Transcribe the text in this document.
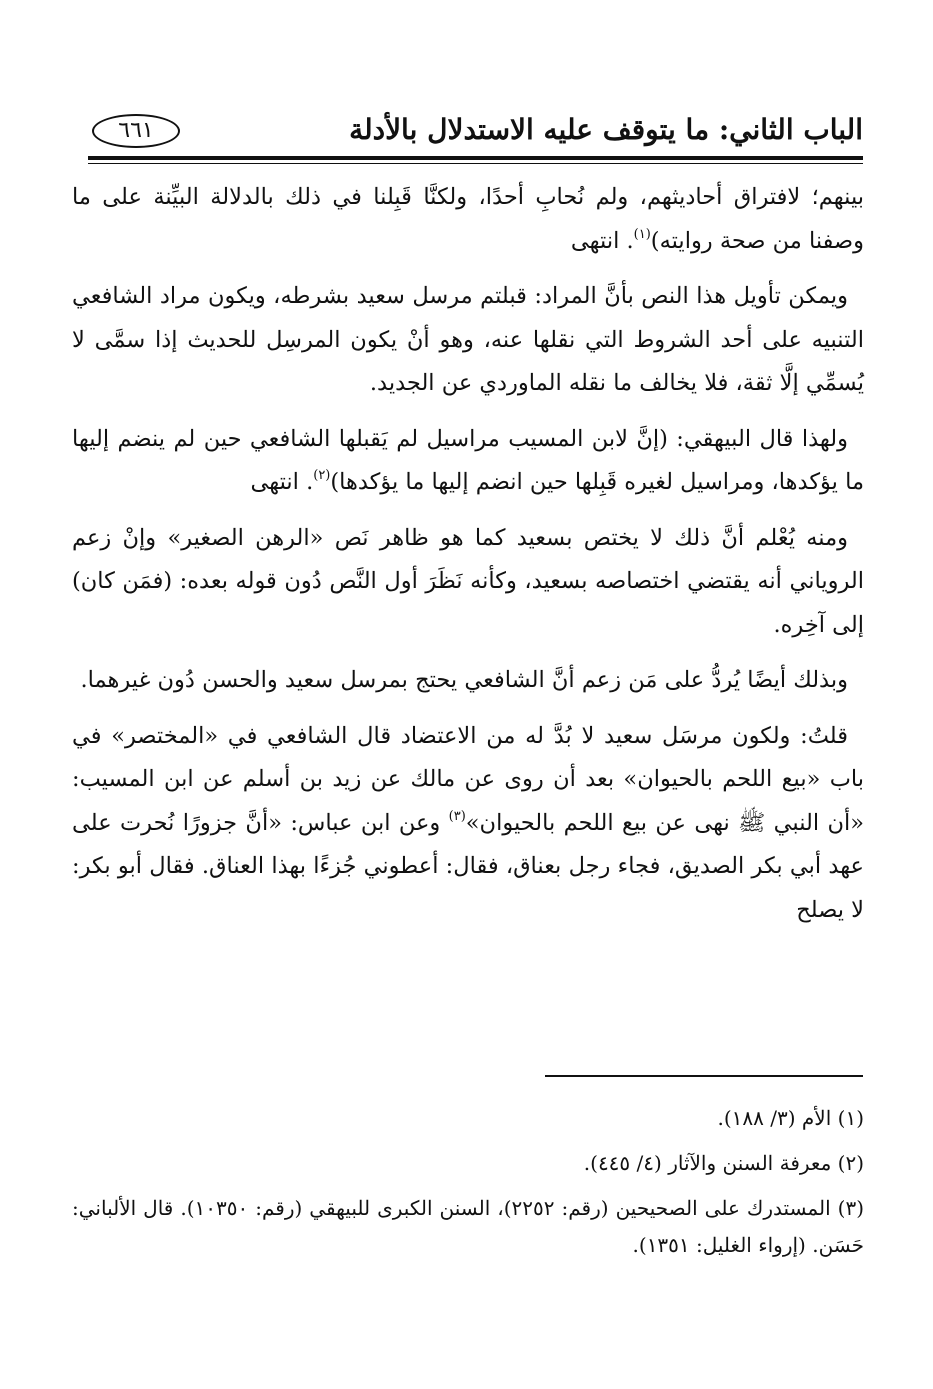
الباب الثاني: ما يتوقف عليه الاستدلال بالأدلة
٦٦١

بينهم؛ لافتراق أحاديثهم، ولم نُحابِ أحدًا، ولكنَّا قَبِلنا في ذلك بالدلالة البيِّنة على ما وصفنا من صحة روايته)$^{(١)}$. انتهى

ويمكن تأويل هذا النص بأنَّ المراد: قبلتم مرسل سعيد بشرطه، ويكون مراد الشافعي التنبيه على أحد الشروط التي نقلها عنه، وهو أنْ يكون المرسِل للحديث إذا سمَّى لا يُسمِّي إلَّا ثقة، فلا يخالف ما نقله الماوردي عن الجديد.

ولهذا قال البيهقي: (إنَّ لابن المسيب مراسيل لم يَقبلها الشافعي حين لم ينضم إليها ما يؤكدها، ومراسيل لغيره قَبِلها حين انضم إليها ما يؤكدها)$^{(٢)}$. انتهى

ومنه يُعْلم أنَّ ذلك لا يختص بسعيد كما هو ظاهر نَص «الرهن الصغير» وإنْ زعم الروياني أنه يقتضي اختصاصه بسعيد، وكأنه نَظَرَ أول النَّص دُون قوله بعده: (فمَن كان) إلى آخِره.

وبذلك أيضًا يُردُّ على مَن زعم أنَّ الشافعي يحتج بمرسل سعيد والحسن دُون غيرهما.

قلتُ: ولكون مرسَل سعيد لا بُدَّ له من الاعتضاد قال الشافعي في «المختصر» في باب «بيع اللحم بالحيوان» بعد أن روى عن مالك عن زيد بن أسلم عن ابن المسيب: «أن النبي ﷺ نهى عن بيع اللحم بالحيوان»$^{(٣)}$ وعن ابن عباس: «أنَّ جزورًا نُحرت على عهد أبي بكر الصديق، فجاء رجل بعناق، فقال: أعطوني جُزءًا بهذا العناق. فقال أبو بكر: لا يصلح

(١) الأم (٣/ ١٨٨).

(٢) معرفة السنن والآثار (٤/ ٤٤٥).

(٣) المستدرك على الصحيحين (رقم: ٢٢٥٢)، السنن الكبرى للبيهقي (رقم: ١٠٣٥٠). قال الألباني: حَسَن. (إرواء الغليل: ١٣٥١).
